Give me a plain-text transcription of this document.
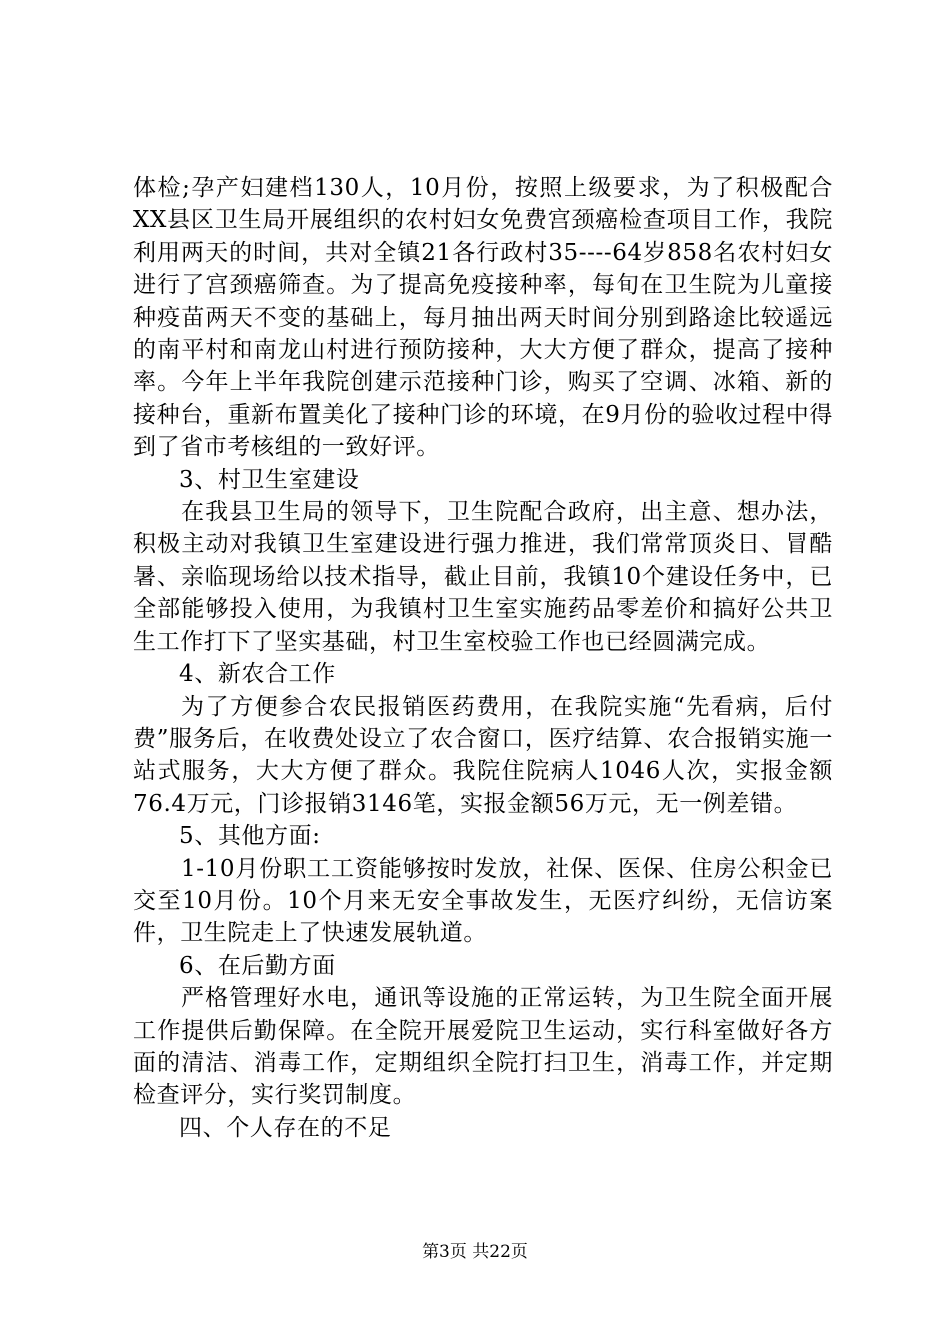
体检;孕产妇建档130人，10月份，按照上级要求，为了积极配合XX县区卫生局开展组织的农村妇女免费宫颈癌检查项目工作，我院利用两天的时间，共对全镇21各行政村35----64岁858名农村妇女进行了宫颈癌筛查。为了提高免疫接种率，每旬在卫生院为儿童接种疫苗两天不变的基础上，每月抽出两天时间分别到路途比较遥远的南平村和南龙山村进行预防接种，大大方便了群众，提高了接种率。今年上半年我院创建示范接种门诊，购买了空调、冰箱、新的接种台，重新布置美化了接种门诊的环境，在9月份的验收过程中得到了省市考核组的一致好评。

3、村卫生室建设

在我县卫生局的领导下，卫生院配合政府，出主意、想办法，积极主动对我镇卫生室建设进行强力推进，我们常常顶炎日、冒酷暑、亲临现场给以技术指导，截止目前，我镇10个建设任务中，已全部能够投入使用，为我镇村卫生室实施药品零差价和搞好公共卫生工作打下了坚实基础，村卫生室校验工作也已经圆满完成。

4、新农合工作

为了方便参合农民报销医药费用，在我院实施“先看病，后付费”服务后，在收费处设立了农合窗口，医疗结算、农合报销实施一站式服务，大大方便了群众。我院住院病人1046人次，实报金额76.4万元，门诊报销3146笔，实报金额56万元，无一例差错。

5、其他方面:

1-10月份职工工资能够按时发放，社保、医保、住房公积金已交至10月份。10个月来无安全事故发生，无医疗纠纷，无信访案件，卫生院走上了快速发展轨道。

6、在后勤方面

严格管理好水电，通讯等设施的正常运转，为卫生院全面开展工作提供后勤保障。在全院开展爱院卫生运动，实行科室做好各方面的清洁、消毒工作，定期组织全院打扫卫生，消毒工作，并定期检查评分，实行奖罚制度。

四、个人存在的不足

第3页 共22页
